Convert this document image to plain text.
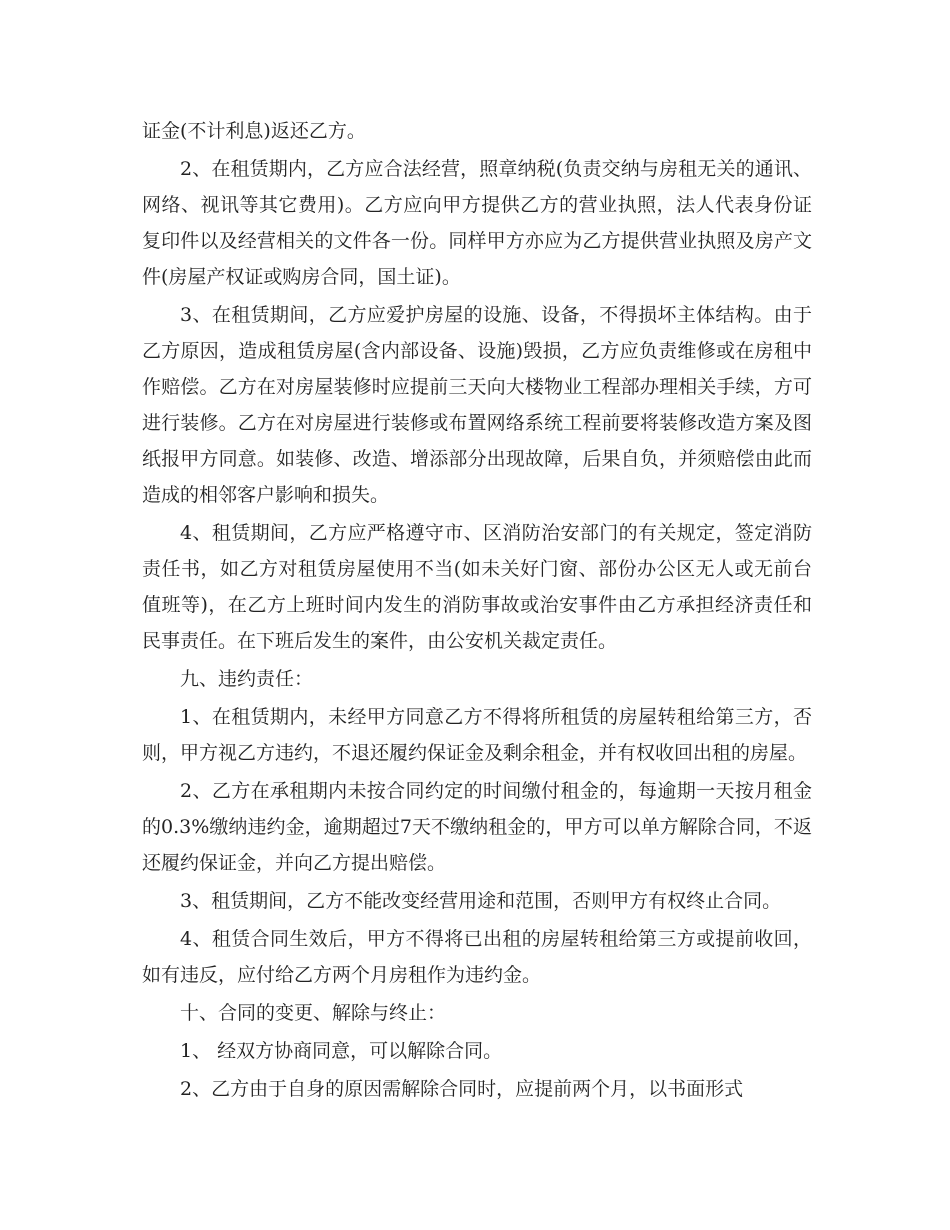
证金(不计利息)返还乙方。

2、在租赁期内，乙方应合法经营，照章纳税(负责交纳与房租无关的通讯、网络、视讯等其它费用)。乙方应向甲方提供乙方的营业执照，法人代表身份证复印件以及经营相关的文件各一份。同样甲方亦应为乙方提供营业执照及房产文件(房屋产权证或购房合同，国土证)。

3、在租赁期间，乙方应爱护房屋的设施、设备，不得损坏主体结构。由于乙方原因，造成租赁房屋(含内部设备、设施)毁损，乙方应负责维修或在房租中作赔偿。乙方在对房屋装修时应提前三天向大楼物业工程部办理相关手续，方可进行装修。乙方在对房屋进行装修或布置网络系统工程前要将装修改造方案及图纸报甲方同意。如装修、改造、增添部分出现故障，后果自负，并须赔偿由此而造成的相邻客户影响和损失。

4、租赁期间，乙方应严格遵守市、区消防治安部门的有关规定，签定消防责任书，如乙方对租赁房屋使用不当(如未关好门窗、部份办公区无人或无前台值班等)，在乙方上班时间内发生的消防事故或治安事件由乙方承担经济责任和民事责任。在下班后发生的案件，由公安机关裁定责任。

九、违约责任：

1、在租赁期内，未经甲方同意乙方不得将所租赁的房屋转租给第三方，否则，甲方视乙方违约，不退还履约保证金及剩余租金，并有权收回出租的房屋。

2、乙方在承租期内未按合同约定的时间缴付租金的，每逾期一天按月租金的0.3%缴纳违约金，逾期超过7天不缴纳租金的，甲方可以单方解除合同，不返还履约保证金，并向乙方提出赔偿。

3、租赁期间，乙方不能改变经营用途和范围，否则甲方有权终止合同。

4、租赁合同生效后，甲方不得将已出租的房屋转租给第三方或提前收回，如有违反，应付给乙方两个月房租作为违约金。

十、合同的变更、解除与终止：

1、 经双方协商同意，可以解除合同。

2、乙方由于自身的原因需解除合同时，应提前两个月，以书面形式
